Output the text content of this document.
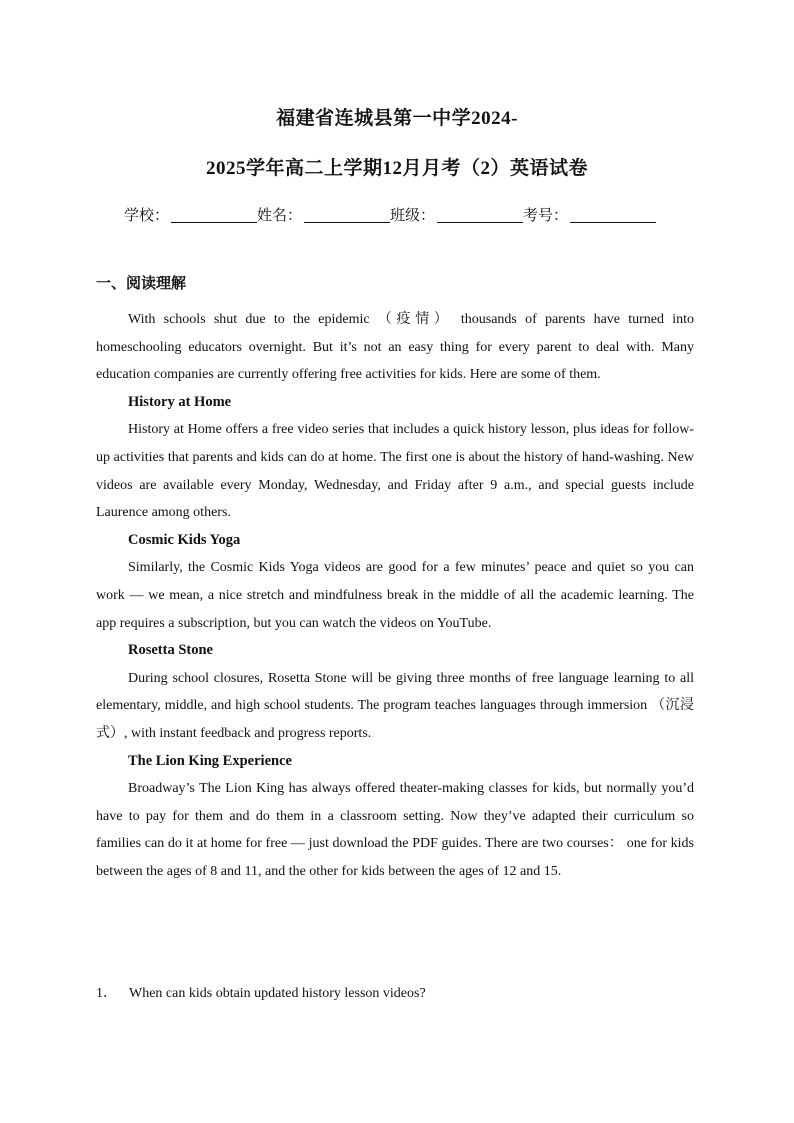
福建省连城县第一中学2024-
2025学年高二上学期12月月考（2）英语试卷
学校：	姓名：	班级：	考号：
一、阅读理解

With schools shut due to the epidemic （疫情） thousands of parents have turned into homeschooling educators overnight. But it’s not an easy thing for every parent to deal with. Many education companies are currently offering free activities for kids. Here are some of them.

History at Home

History at Home offers a free video series that includes a quick history lesson, plus ideas for follow-up activities that parents and kids can do at home. The first one is about the history of hand-washing. New videos are available every Monday, Wednesday, and Friday after 9 a.m., and special guests include Laurence among others.

Cosmic Kids Yoga

Similarly, the Cosmic Kids Yoga videos are good for a few minutes’ peace and quiet so you can work — we mean, a nice stretch and mindfulness break in the middle of all the academic learning. The app requires a subscription, but you can watch the videos on YouTube.

Rosetta Stone

During school closures, Rosetta Stone will be giving three months of free language learning to all elementary, middle, and high school students. The program teaches languages through immersion （沉浸式）, with instant feedback and progress reports.

The Lion King Experience

Broadway’s The Lion King has always offered theater-making classes for kids, but normally you’d have to pay for them and do them in a classroom setting. Now they’ve adapted their curriculum so families can do it at home for free — just download the PDF guides. There are two courses： one for kids between the ages of 8 and 11, and the other for kids between the ages of 12 and 15.

1． When can kids obtain updated history lesson videos?
